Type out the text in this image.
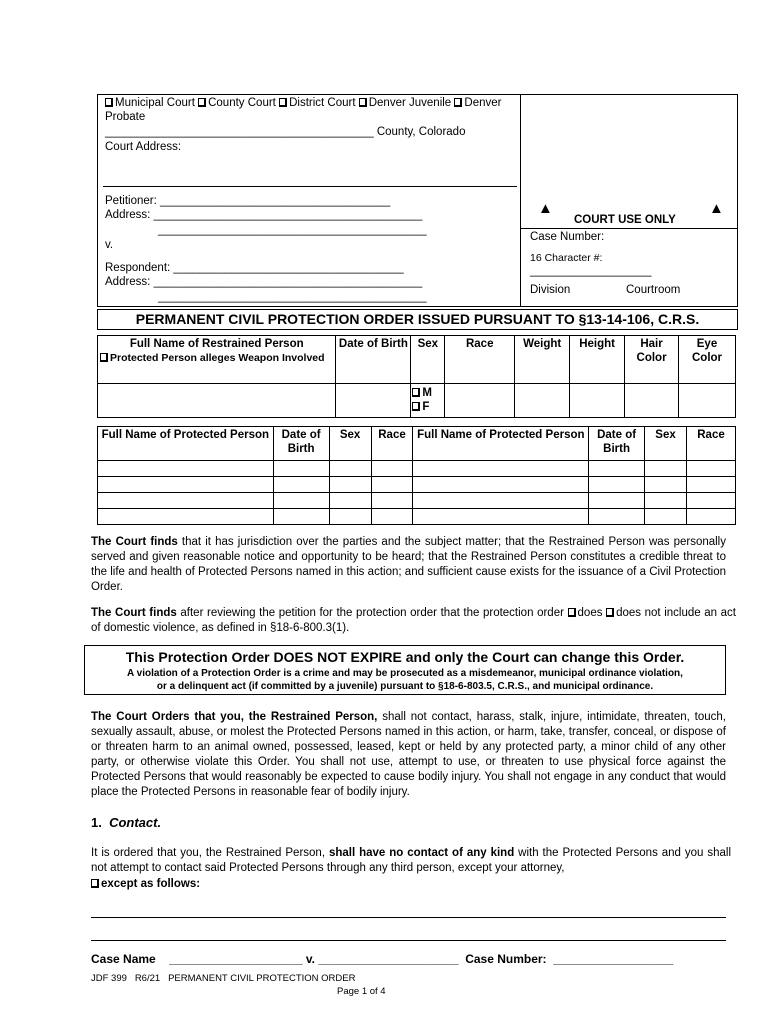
Municipal Court County Court District Court Denver Juvenile Denver
Probate
__________________________________________ County, Colorado
Court Address:
Petitioner: ____________________________________
Address: __________________________________________
__________________________________________
v.
Respondent: ____________________________________
Address: __________________________________________
__________________________________________
▲	▲
COURT USE ONLY
Case Number:
16 Character #:
___________________
Division	Courtroom
PERMANENT CIVIL PROTECTION ORDER ISSUED PURSUANT TO §13-14-106, C.R.S.
Full Name of Restrained Person
Protected Person alleges Weapon Involved	Date of Birth	Sex	Race	Weight	Height	Hair Color	Eye Color

		M
F					

Full Name of Protected Person	Date of Birth	Sex	Race	Full Name of Protected Person	Date of Birth	Sex	Race

The Court finds that it has jurisdiction over the parties and the subject matter; that the Restrained Person was personally served and given reasonable notice and opportunity to be heard; that the Restrained Person constitutes a credible threat to the life and health of Protected Persons named in this action; and sufficient cause exists for the issuance of a Civil Protection Order.

The Court finds after reviewing the petition for the protection order that the protection order does does not include an act of domestic violence, as defined in §18-6-800.3(1).

This Protection Order DOES NOT EXPIRE and only the Court can change this Order.
A violation of a Protection Order is a crime and may be prosecuted as a misdemeanor, municipal ordinance violation,
or a delinquent act (if committed by a juvenile) pursuant to §18-6-803.5, C.R.S., and municipal ordinance.

The Court Orders that you, the Restrained Person, shall not contact, harass, stalk, injure, intimidate, threaten, touch, sexually assault, abuse, or molest the Protected Persons named in this action, or harm, take, transfer, conceal, or dispose of or threaten harm to an animal owned, possessed, leased, kept or held by any protected party, a minor child of any other party, or otherwise violate this Order. You shall not use, attempt to use, or threaten to use physical force against the Protected Persons that would reasonably be expected to cause bodily injury. You shall not engage in any conduct that would place the Protected Persons in reasonable fear of bodily injury.

1. Contact.

It is ordered that you, the Restrained Person, shall have no contact of any kind with the Protected Persons and you shall not attempt to contact said Protected Persons through any third person, except your attorney,

except as follows:
Case Name ____________________ v. _____________________ Case Number: __________________
JDF 399   R6/21   PERMANENT CIVIL PROTECTION ORDER
Page 1 of 4
